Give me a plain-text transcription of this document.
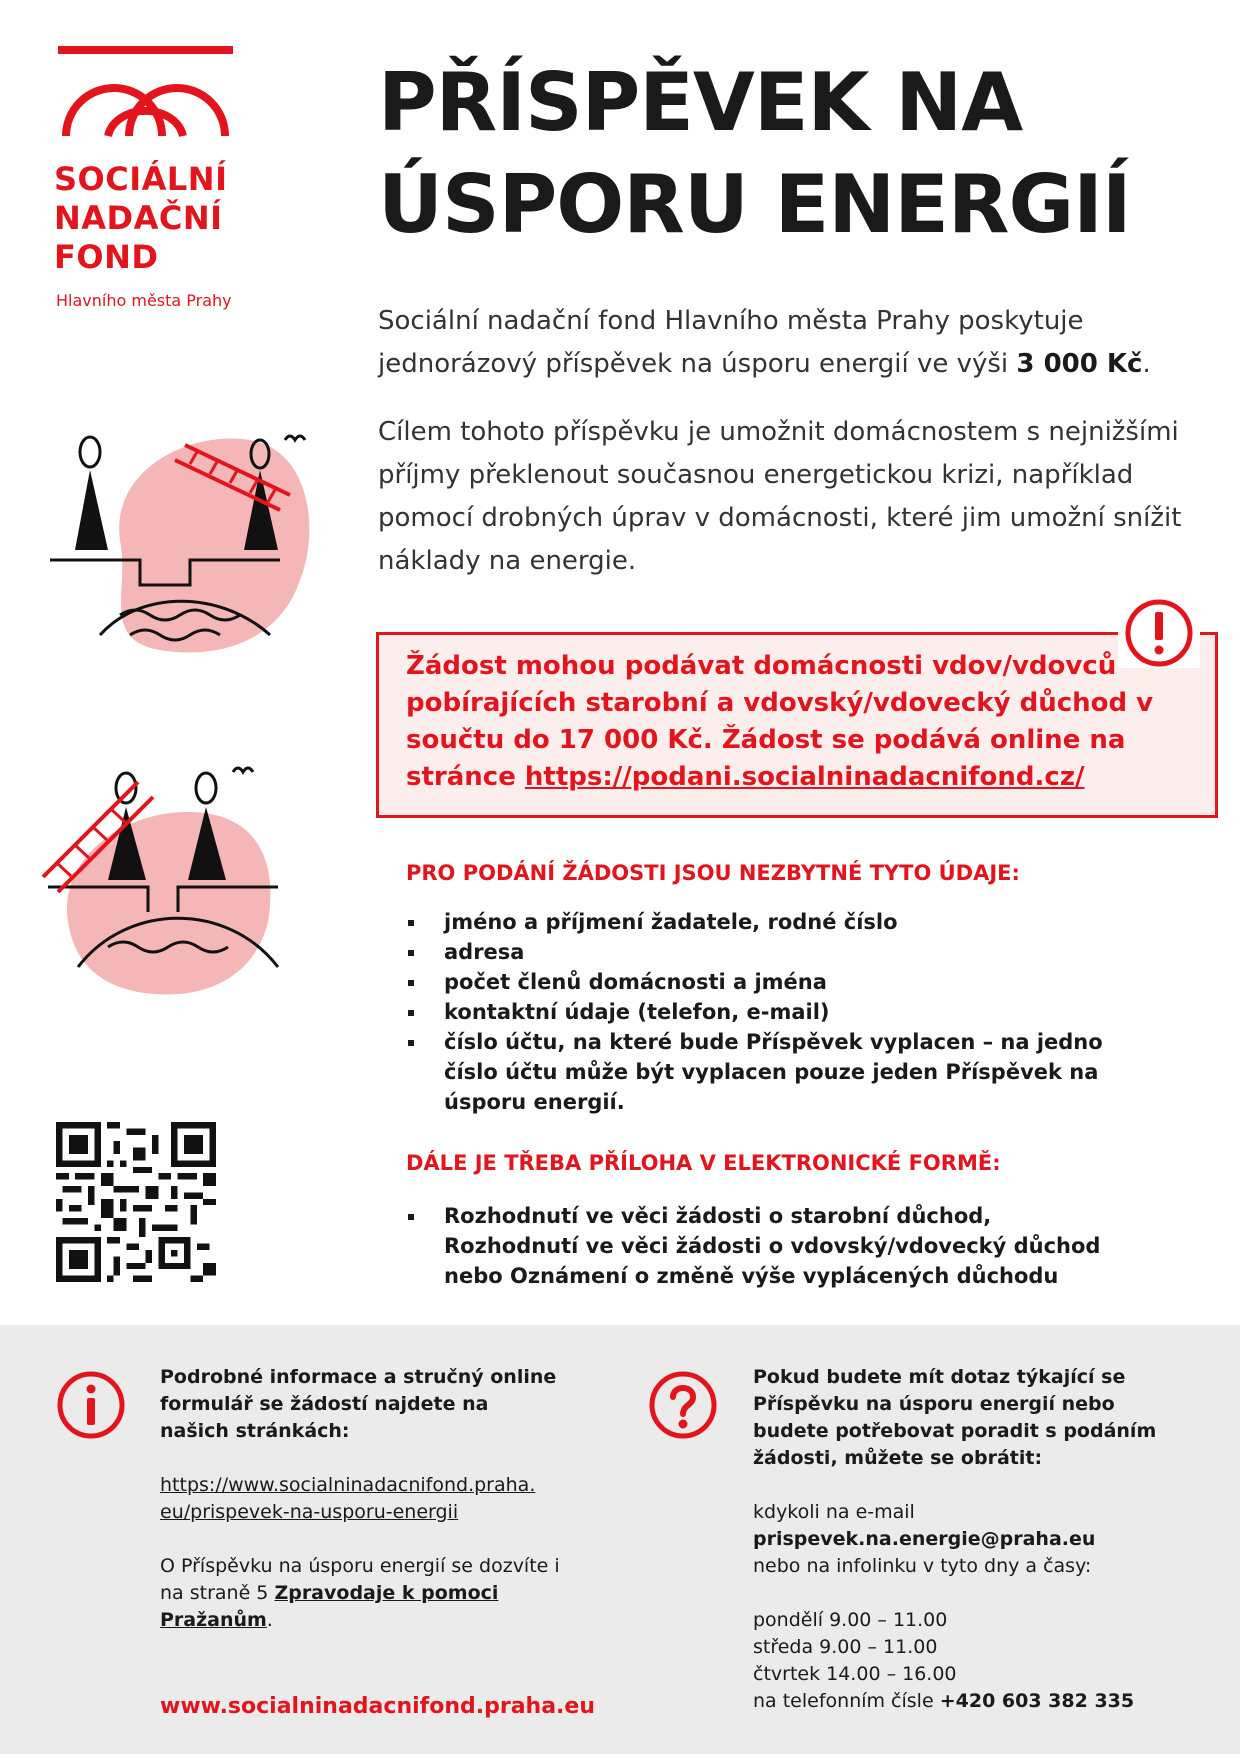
SOCIÁLNÍ
NADAČNÍ
FOND
Hlavního města Prahy
PŘÍSPĚVEK NA
ÚSPORU ENERGIÍ
Sociální nadační fond Hlavního města Prahy poskytuje jednorázový příspěvek na úsporu energií ve výši 3 000 Kč.
Cílem tohoto příspěvku je umožnit domácnostem s nejnižšími příjmy překlenout současnou energetickou krizi, například pomocí drobných úprav v domácnosti, které jim umožní snížit náklady na energie.
Žádost mohou podávat domácnosti vdov/vdovců pobírajících starobní a vdovský/vdovecký důchod v součtu do 17 000 Kč. Žádost se podává online na stránce https://podani.socialninadacnifond.cz/
PRO PODÁNÍ ŽÁDOSTI JSOU NEZBYTNÉ TYTO ÚDAJE:
jméno a příjmení žadatele, rodné číslo
adresa
počet členů domácnosti a jména
kontaktní údaje (telefon, e-mail)
číslo účtu, na které bude Příspěvek vyplacen – na jedno číslo účtu může být vyplacen pouze jeden Příspěvek na úsporu energií.
DÁLE JE TŘEBA PŘÍLOHA V ELEKTRONICKÉ FORMĚ:
Rozhodnutí ve věci žádosti o starobní důchod, Rozhodnutí ve věci žádosti o vdovský/vdovecký důchod nebo Oznámení o změně výše vyplácených důchodu
Podrobné informace a stručný online formulář se žádostí najdete na našich stránkách:
https://www.socialninadacnifond.praha.
eu/prispevek-na-usporu-energii
O Příspěvku na úsporu energií se dozvíte i na straně 5 Zpravodaje k pomoci Pražanům.
www.socialninadacnifond.praha.eu
Pokud budete mít dotaz týkající se Příspěvku na úsporu energií nebo budete potřebovat poradit s podáním žádosti, můžete se obrátit:
kdykoli na e-mail
prispevek.na.energie@praha.eu
nebo na infolinku v tyto dny a časy:
pondělí 9.00 – 11.00
středa 9.00 – 11.00
čtvrtek 14.00 – 16.00
na telefonním čísle +420 603 382 335
